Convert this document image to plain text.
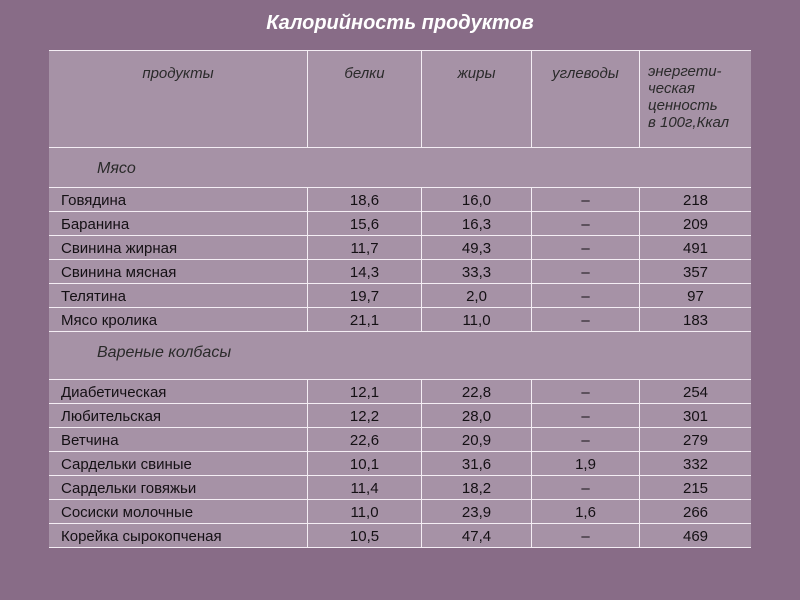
Калорийность продуктов
продукты	белки	жиры	углеводы	энергети-
ческая
ценность
в 100г,Ккал
Мясо
Говядина	18,6	16,0	–	218
Баранина	15,6	16,3	–	209
Свинина жирная	11,7	49,3	–	491
Свинина мясная	14,3	33,3	–	357
Телятина	19,7	2,0	–	97
Мясо кролика	21,1	11,0	–	183
Вареные колбасы
Диабетическая	12,1	22,8	–	254
Любительская	12,2	28,0	–	301
Ветчина	22,6	20,9	–	279
Сардельки свиные	10,1	31,6	1,9	332
Сардельки говяжьи	11,4	18,2	–	215
Сосиски молочные	11,0	23,9	1,6	266
Корейка сырокопченая	10,5	47,4	–	469
